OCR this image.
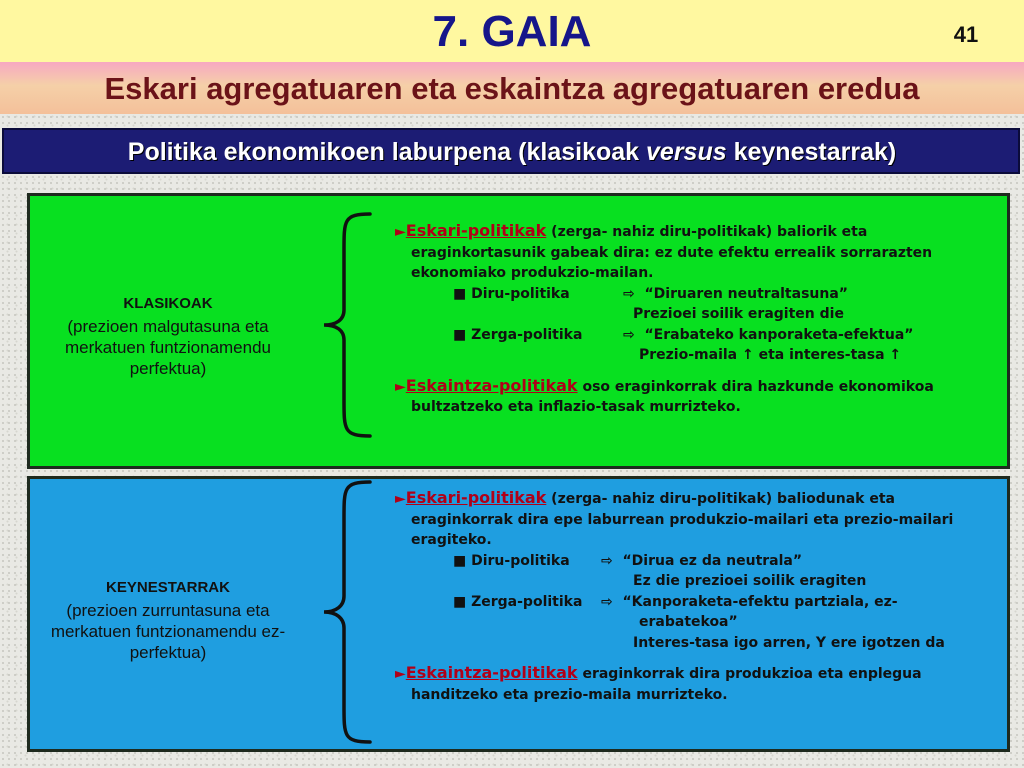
7. GAIA	41
Eskari agregatuaren eta eskaintza agregatuaren eredua
Politika ekonomikoen laburpena (klasikoak versus keynestarrak)
KLASIKOAK
(prezioen malgutasuna eta merkatuen funtzionamendu perfektua)
►Eskari-politikak (zerga- nahiz diru-politikak) baliorik eta
eraginkortasunik gabeak dira: ez dute efektu errealik sorrarazten
ekonomiako produkzio-mailan.
■ Diru-politika	⇨ “Diruaren neutraltasuna”
Prezioei soilik eragiten die
■ Zerga-politika	⇨ “Erabateko kanporaketa-efektua”
Prezio-maila ↑ eta interes-tasa ↑
►Eskaintza-politikak oso eraginkorrak dira hazkunde ekonomikoa
bultzatzeko eta inflazio-tasak murrizteko.
KEYNESTARRAK
(prezioen zurruntasuna eta merkatuen funtzionamendu ez-perfektua)
►Eskari-politikak (zerga- nahiz diru-politikak) baliodunak eta
eraginkorrak dira epe laburrean produkzio-mailari eta prezio-mailari
eragiteko.
■ Diru-politika ⇨ “Dirua ez da neutrala”
Ez die prezioei soilik eragiten
■ Zerga-politika ⇨ “Kanporaketa-efektu partziala, ez-
erabatekoa”
Interes-tasa igo arren, Y ere igotzen da
►Eskaintza-politikak eraginkorrak dira produkzioa eta enplegua
handitzeko eta prezio-maila murrizteko.
